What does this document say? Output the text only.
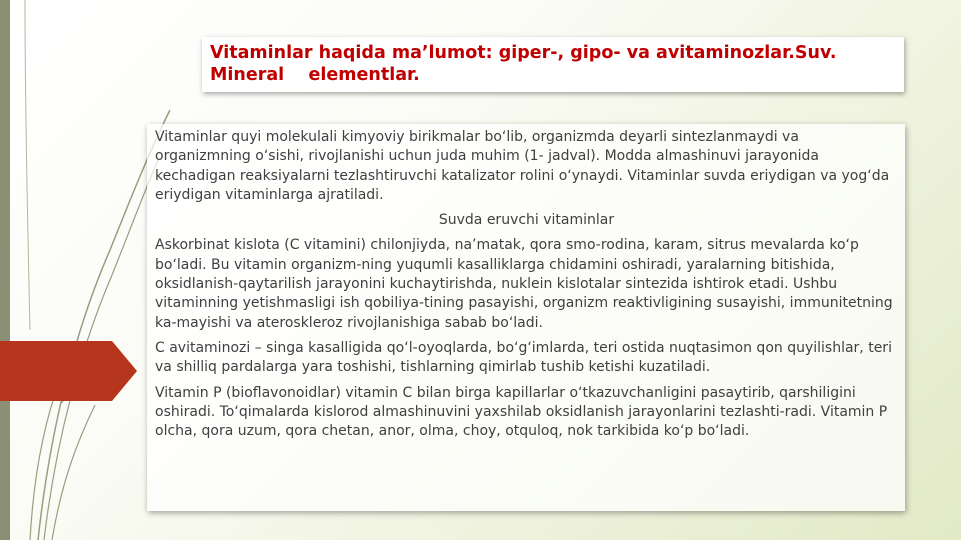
Vitaminlar haqida ma’lumot: giper-, gipo- va avitaminozlar.Suv.
Mineral    elementlar.

Vitaminlar quyi molekulali kimyoviy birikmalar bo‘lib, organizmda deyarli sintezlanmaydi va organizmning o‘sishi, rivojlanishi uchun juda muhim (1- jadval). Modda almashinuvi jarayonida kechadigan reaksiyalarni tezlashtiruvchi katalizator rolini o‘ynaydi. Vitaminlar suvda eriydigan va yog‘da eriydigan vitaminlarga ajratiladi.

Suvda eruvchi vitaminlar

Askorbinat kislota (C vitamini) chilonjiyda, na’matak, qora smo-rodina, karam, sitrus mevalarda ko‘p bo‘ladi. Bu vitamin organizm-ning yuqumli kasalliklarga chidamini oshiradi, yaralarning bitishida, oksidlanish-qaytarilish jarayonini kuchaytirishda, nuklein kislotalar sintezida ishtirok etadi. Ushbu vitaminning yetishmasligi ish qobiliya-tining pasayishi, organizm reaktivligining susayishi, immunitetning ka-mayishi va ateroskleroz rivojlanishiga sabab bo‘ladi.

C avitaminozi – singa kasalligida qo‘l-oyoqlarda, bo‘g‘imlarda, teri ostida nuqtasimon qon quyilishlar, teri va shilliq pardalarga yara toshishi, tishlarning qimirlab tushib ketishi kuzatiladi.

Vitamin P (bioflavonoidlar) vitamin C bilan birga kapillarlar o‘tkazuvchanligini pasaytirib, qarshiligini oshiradi. To‘qimalarda kislorod almashinuvini yaxshilab oksidlanish jarayonlarini tezlashti-radi. Vitamin P olcha, qora uzum, qora chetan, anor, olma, choy, otquloq, nok tarkibida ko‘p bo‘ladi.
